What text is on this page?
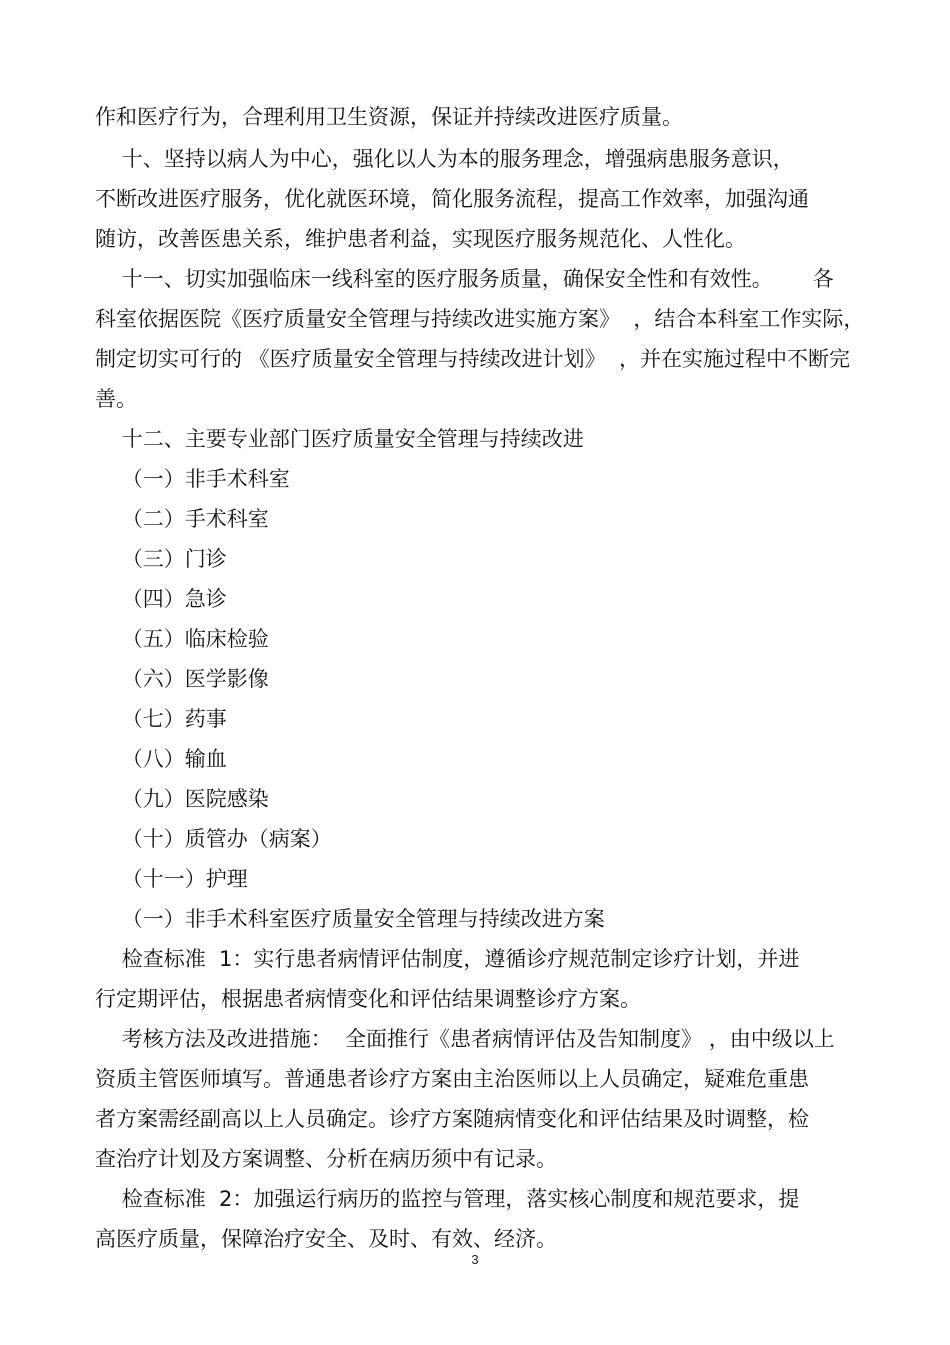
作和医疗行为，合理利用卫生资源，保证并持续改进医疗质量。
十、坚持以病人为中心，强化以人为本的服务理念，增强病患服务意识，
不断改进医疗服务，优化就医环境，简化服务流程，提高工作效率，加强沟通
随访，改善医患关系，维护患者利益，实现医疗服务规范化、人性化。
十一、切实加强临床一线科室的医疗服务质量，确保安全性和有效性。      各
科室依据医院《医疗质量安全管理与持续改进实施方案》  ，结合本科室工作实际，
制定切实可行的 《医疗质量安全管理与持续改进计划》  ，并在实施过程中不断完
善。
十二、主要专业部门医疗质量安全管理与持续改进
（一）非手术科室
（二）手术科室
（三）门诊
（四）急诊
（五）临床检验
（六）医学影像
（七）药事
（八）输血
（九）医院感染
（十）质管办（病案）
（十一）护理
（一）非手术科室医疗质量安全管理与持续改进方案
检查标准  1：实行患者病情评估制度，遵循诊疗规范制定诊疗计划，并进
行定期评估，根据患者病情变化和评估结果调整诊疗方案。
考核方法及改进措施：  全面推行《患者病情评估及告知制度》 ，由中级以上
资质主管医师填写。普通患者诊疗方案由主治医师以上人员确定，疑难危重患
者方案需经副高以上人员确定。诊疗方案随病情变化和评估结果及时调整，检
查治疗计划及方案调整、分析在病历须中有记录。
检查标准  2：加强运行病历的监控与管理，落实核心制度和规范要求，提
高医疗质量，保障治疗安全、及时、有效、经济。
3
